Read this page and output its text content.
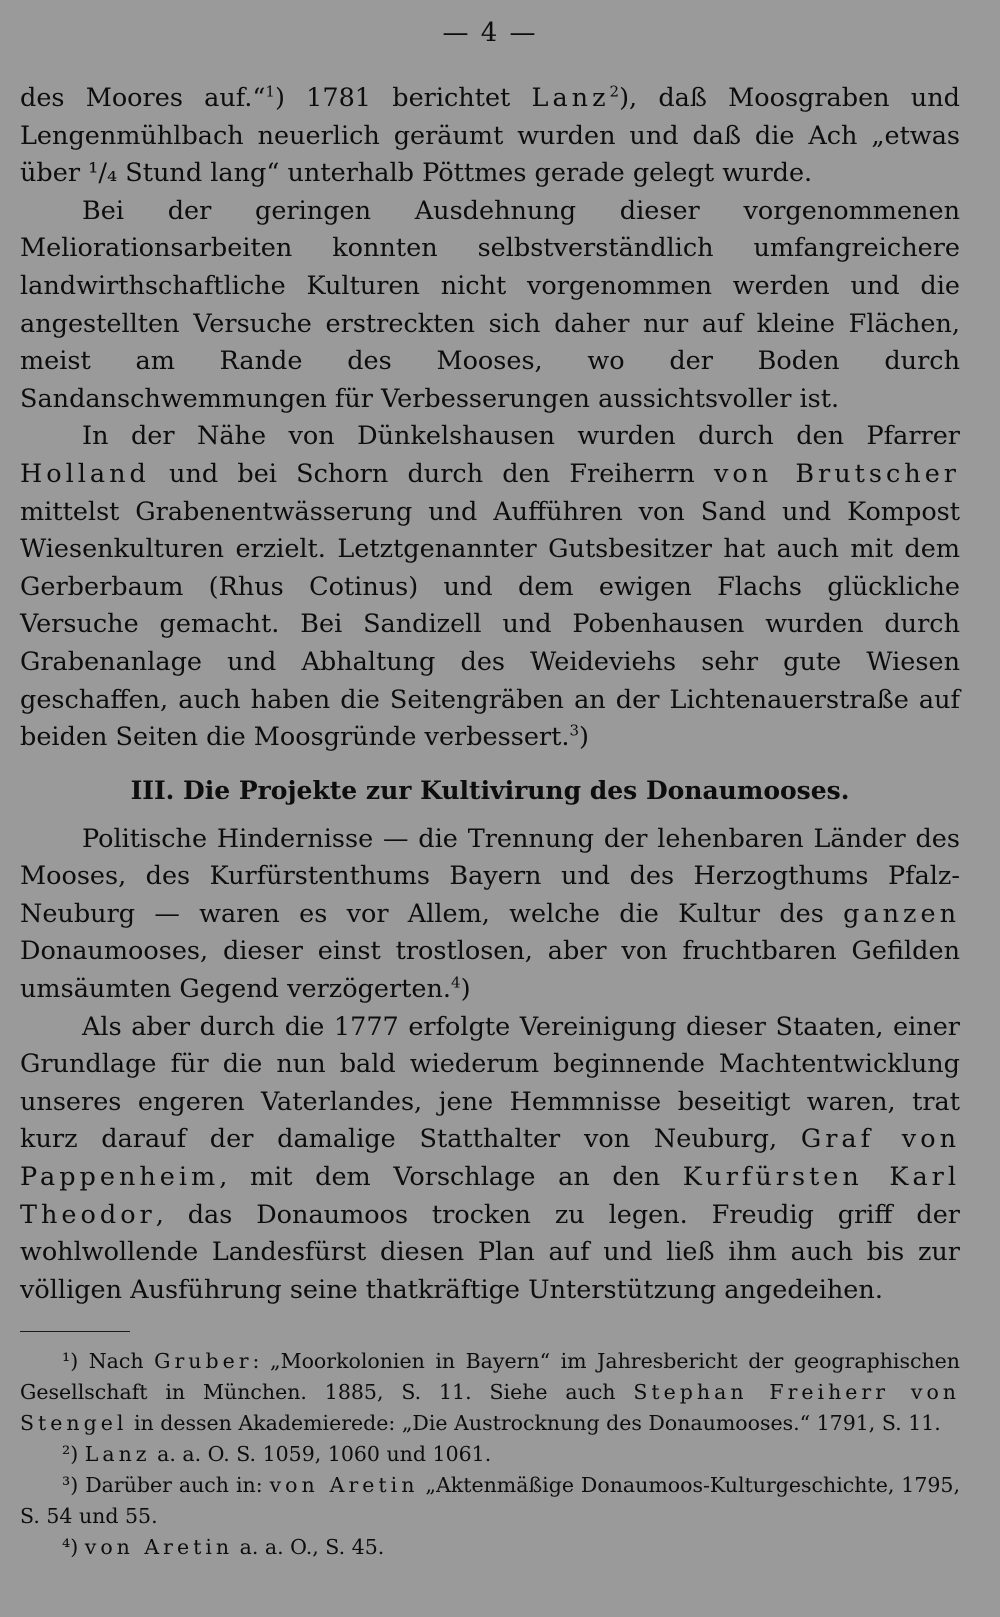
— 4 —

des Moores auf.“$^1$) 1781 berichtet Lanz$^2$), daß Moosgraben und Lengenmühlbach neuerlich geräumt wurden und daß die Ach „etwas über ¹/₄ Stund lang“ unterhalb Pöttmes gerade gelegt wurde.

Bei der geringen Ausdehnung dieser vorgenommenen Meliorationsarbeiten konnten selbstverständlich umfangreichere landwirthschaftliche Kulturen nicht vorgenommen werden und die angestellten Versuche erstreckten sich daher nur auf kleine Flächen, meist am Rande des Mooses, wo der Boden durch Sandanschwemmungen für Verbesserungen aussichtsvoller ist.

In der Nähe von Dünkelshausen wurden durch den Pfarrer Holland und bei Schorn durch den Freiherrn von Brutscher mittelst Grabenentwässerung und Aufführen von Sand und Kompost Wiesenkulturen erzielt. Letztgenannter Gutsbesitzer hat auch mit dem Gerberbaum (Rhus Cotinus) und dem ewigen Flachs glückliche Versuche gemacht. Bei Sandizell und Pobenhausen wurden durch Grabenanlage und Abhaltung des Weideviehs sehr gute Wiesen geschaffen, auch haben die Seitengräben an der Lichtenauerstraße auf beiden Seiten die Moosgründe verbessert.$^3$)

III. Die Projekte zur Kultivirung des Donaumooses.

Politische Hindernisse — die Trennung der lehenbaren Länder des Mooses, des Kurfürstenthums Bayern und des Herzogthums Pfalz-Neuburg — waren es vor Allem, welche die Kultur des ganzen Donaumooses, dieser einst trostlosen, aber von fruchtbaren Gefilden umsäumten Gegend verzögerten.$^4$)

Als aber durch die 1777 erfolgte Vereinigung dieser Staaten, einer Grundlage für die nun bald wiederum beginnende Machtentwicklung unseres engeren Vaterlandes, jene Hemmnisse beseitigt waren, trat kurz darauf der damalige Statthalter von Neuburg, Graf von Pappenheim, mit dem Vorschlage an den Kurfürsten Karl Theodor, das Donaumoos trocken zu legen. Freudig griff der wohlwollende Landesfürst diesen Plan auf und ließ ihm auch bis zur völligen Ausführung seine thatkräftige Unterstützung angedeihen.

¹) Nach Gruber: „Moorkolonien in Bayern“ im Jahresbericht der geographischen Gesellschaft in München. 1885, S. 11. Siehe auch Stephan Freiherr von Stengel in dessen Akademierede: „Die Austrocknung des Donaumooses.“ 1791, S. 11.

²) Lanz a. a. O. S. 1059, 1060 und 1061.

³) Darüber auch in: von Aretin „Aktenmäßige Donaumoos-Kulturgeschichte, 1795, S. 54 und 55.

⁴) von Aretin a. a. O., S. 45.
